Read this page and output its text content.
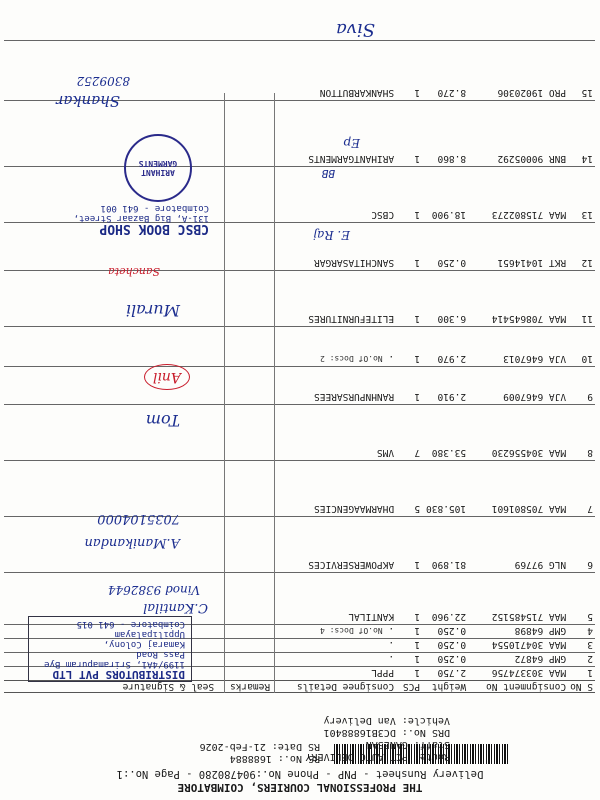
THE PROFESSIONAL COURIERS, COIMBATORE
Delivery Runsheet - PNP - Phone No.:904780280 - Page No.:1
RS No.: 1688884
RS Date: 21-Feb-2026
Route: PCT AUTO DELIVERY
Staff: GANESAN
DRS No.: DC3B16888401
Vehicle: Van Delivery
S No	Consignment No	Weight	PCS	Consignee Details	Remarks	Seal & Signature
1	MAA 303374756	2.750	1	PPPL		
2	GMP 64872	0.250	1	.		
3	MAA 304710554	0.250	1	.		
4	GMP 64898	0.250	1	. No.Of Docs: 4		
5	MAA 715485152	22.960	1	KANTILAL		
6	NLG 97769	81.890	1	AKPOWERSERVICES		
7	MAA 705801601	105.830	5	DHARMAAGENCIES		
8	MAA 304556230	53.380	7	VMS		
9	VJA 6467009	2.910	1	RANHNPURSAREES		
10	VJA 6467013	2.970	1	. No.Of Docs: 2		
11	MAA 708645414	6.300	1	ELITEFURNITURES		
12	RKT 10414651	0.250	1	SANCHITASARGAR		
13	MAA 715802273	18.900	1	CBSC		
14	BNR 90005292	8.860	1	ARIHANTGARMENTS		
15	PRO 19020306	8.270	1	SHANKARBUTTON		
DISTRIBUTORS PVT LTD
1199/4A1, Sriramapuram Bye Pass Road
Kamaraj Colony, Uppilipalayam
Coimbatore - 641 015
CBSC BOOK SHOP
131-A, Big Bazaar Street,
Coimbatore - 641 001
ARIHANT GARMENTS
C.Kantilal
Vinod 9382644
A.Manikandan
7035104000
Tom
Anil
Murali
Sancheta
E. Raj
BB
Ep
Shankar
8309252
Siva
